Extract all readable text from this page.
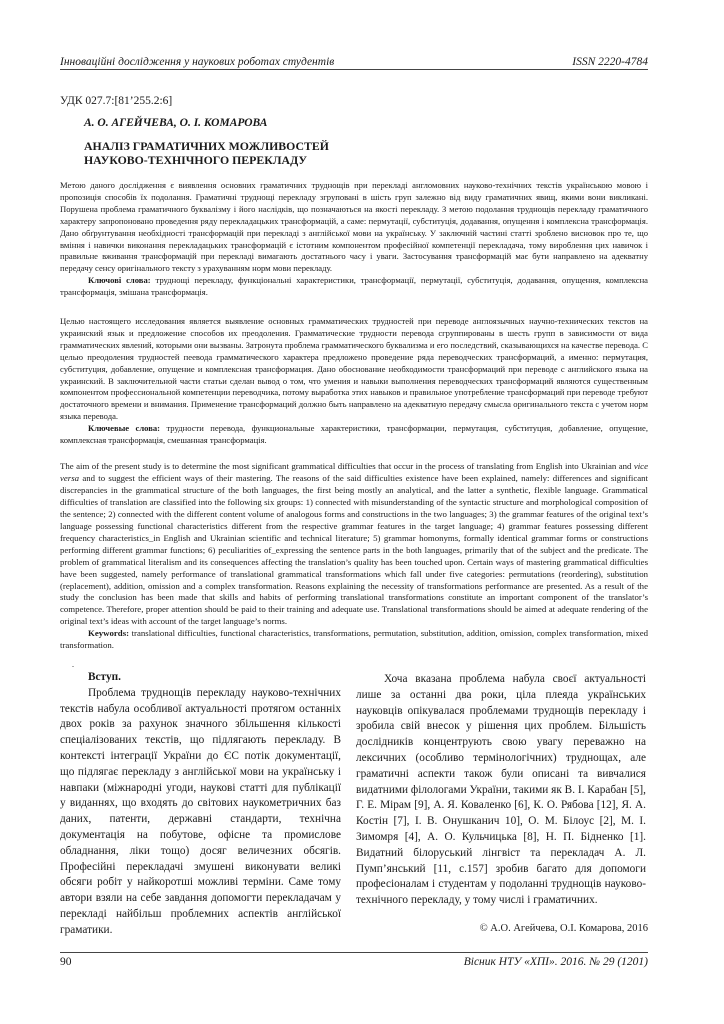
Інноваційні дослідження у наукових роботах студентів	ISSN 2220-4784
УДК 027.7:[81’255.2:6]
А. О. АГЕЙЧЕВА, О. І. КОМАРОВА
АНАЛІЗ ГРАМАТИЧНИХ МОЖЛИВОСТЕЙ
НАУКОВО-ТЕХНІЧНОГО ПЕРЕКЛАДУ

Метою даного дослідження є виявлення основних граматичних труднощів при перекладі англомовних науково-технічних текстів українською мовою і пропозиція способів їх подолання. Граматичні труднощі перекладу згруповані в шість груп залежно від виду граматичних явищ, якими вони викликані. Порушена проблема граматичного буквалізму і його наслідків, що позначаються на якості перекладу. З метою подолання труднощів перекладу граматичного характеру запропоновано проведення ряду перекладацьких трансформацій, а саме: пермутації, субституція, додавання, опущення і комплексна трансформація. Дано обґрунтування необхідності трансформацій при перекладі з англійської мови на українську. У заключній частині статті зроблено висновок про те, що вміння і навички виконання перекладацьких трансформацій є істотним компонентом професійної компетенції перекладача, тому вироблення цих навичок і правильне вживання трансформацій при перекладі вимагають достатнього часу і уваги. Застосування трансформацій має бути направлено на адекватну передачу сенсу оригінального тексту з урахуванням норм мови перекладу.

Ключові слова: труднощі перекладу, функціональні характеристики, трансформації, пермутації, субституція, додавання, опущення, комплексна трансформація, змішана трансформація.

Целью настоящего исследования является выявление основных грамматических трудностей при переводе англоязычных научно-технических текстов на украинский язык и предложение способов их преодоления. Грамматические трудности перевода сгруппированы в шесть групп в зависимости от вида грамматических явлений, которыми они вызваны. Затронута проблема грамматического буквализма и его последствий, сказывающихся на качестве перевода. С целью преодоления трудностей пеевода грамматического характера предложено проведение ряда переводческих трансформаций, а именно: пермутация, субституция, добавление, опущение и комплексная трансформация. Дано обоснование необходимости трансформаций при переводе с английского языка на украинский. В заключительной части статьи сделан вывод о том, что умения и навыки выполнения переводческих трансформаций являются существенным компонентом профессиональной компетенции переводчика, потому выработка этих навыков и правильное употребление трансформаций при переводе требуют достаточного времени и внимания. Применение трансформаций должно быть направлено на адекватную передачу смысла оригинального текста с учетом норм языка перевода.

Ключевые слова: трудности перевода, функциональные характеристики, трансформации, пермутация, субституция, добавление, опущение, комплексная трансформація, смешанная трансформація.

The aim of the present study is to determine the most significant grammatical difficulties that occur in the process of translating from English into Ukrainian and vice versa and to suggest the efficient ways of their mastering. The reasons of the said difficulties existence have been explained, namely: differences and significant discrepancies in the grammatical structure of the both languages, the first being mostly an analytical, and the latter a synthetic, flexible language. Grammatical difficulties of translation are classified into the following six groups: 1) connected with misunderstanding of the syntactic structure and morphological composition of the sentence; 2) connected with the different content volume of analogous forms and constructions in the two languages; 3) the grammar features of the original text’s language possessing functional characteristics different from the respective grammar features in the target language; 4) grammar features possessing different frequency characteristics_in English and Ukrainian scientific and technical literature; 5) grammar homonyms, formally identical grammar forms or constructions performing different grammar functions; 6) peculiarities of_expressing the sentence parts in the both languages, primarily that of the subject and the predicate. The problem of grammatical literalism and its consequences affecting the translation’s quality has been touched upon. Certain ways of mastering grammatical difficulties have been suggested, namely performance of translational grammatical transformations which fall under five categories: permutations (reordering), substitution (replacement), addition, omission and a complex transformation. Reasons explaining the necessity of transformations performance are presented. As a result of the study the conclusion has been made that skills and habits of performing translational transformations constitute an important component of the translator’s competence. Therefore, proper attention should be paid to their training and adequate use. Translational transformations should be aimed at adequate rendering of the original text’s ideas with account of the target language’s norms.

Keywords: translational difficulties, functional characteristics, transformations, permutation, substitution, addition, omission, complex transformation, mixed transformation.

.

Вступ.

Проблема труднощів перекладу науково-технічних текстів набула особливої актуальності протягом останніх двох років за рахунок значного збільшення кількості спеціалізованих текстів, що підлягають перекладу. В контексті інтеграції України до ЄС потік документації, що підлягає перекладу з англійської мови на українську і навпаки (міжнародні угоди, наукові статті для публікації у виданнях, що входять до світових наукометричних баз даних, патенти, державні стандарти, технічна документація на побутове, офісне та промислове обладнання, ліки тощо) досяг величезних обсягів. Професійні перекладачі змушені виконувати великі обсяги робіт у найкоротші можливі терміни. Саме тому автори взяли на себе завдання допомогти перекладачам у перекладі найбільш проблемних аспектів англійської граматики.

Хоча вказана проблема набула своєї актуальності лише за останні два роки, ціла плеяда українських науковців опікувалася проблемами труднощів перекладу і зробила свій внесок у рішення цих проблем. Більшість дослідників концентрують свою увагу переважно на лексичних (особливо термінологічних) труднощах, але граматичні аспекти також були описані та вивчалися видатними філологами України, такими як В. І. Карабан [5], Г. Е. Мірам [9], А. Я. Коваленко [6], К. О. Рябова [12], Я. А. Костін [7], І. В. Онушканич 10], О. М. Білоус [2], М. І. Зимомря [4], А. О. Кульчицька [8], Н. П. Бідненко [1]. Видатний білоруський лінгвіст та перекладач А. Л. Пумп’янський [11, с.157] зробив багато для допомоги професіоналам і студентам у подоланні труднощів науково-технічного перекладу, у тому числі і граматичних.

© А.О. Агейчева, О.І. Комарова, 2016
90	Вісник НТУ «ХПІ». 2016. № 29 (1201)
